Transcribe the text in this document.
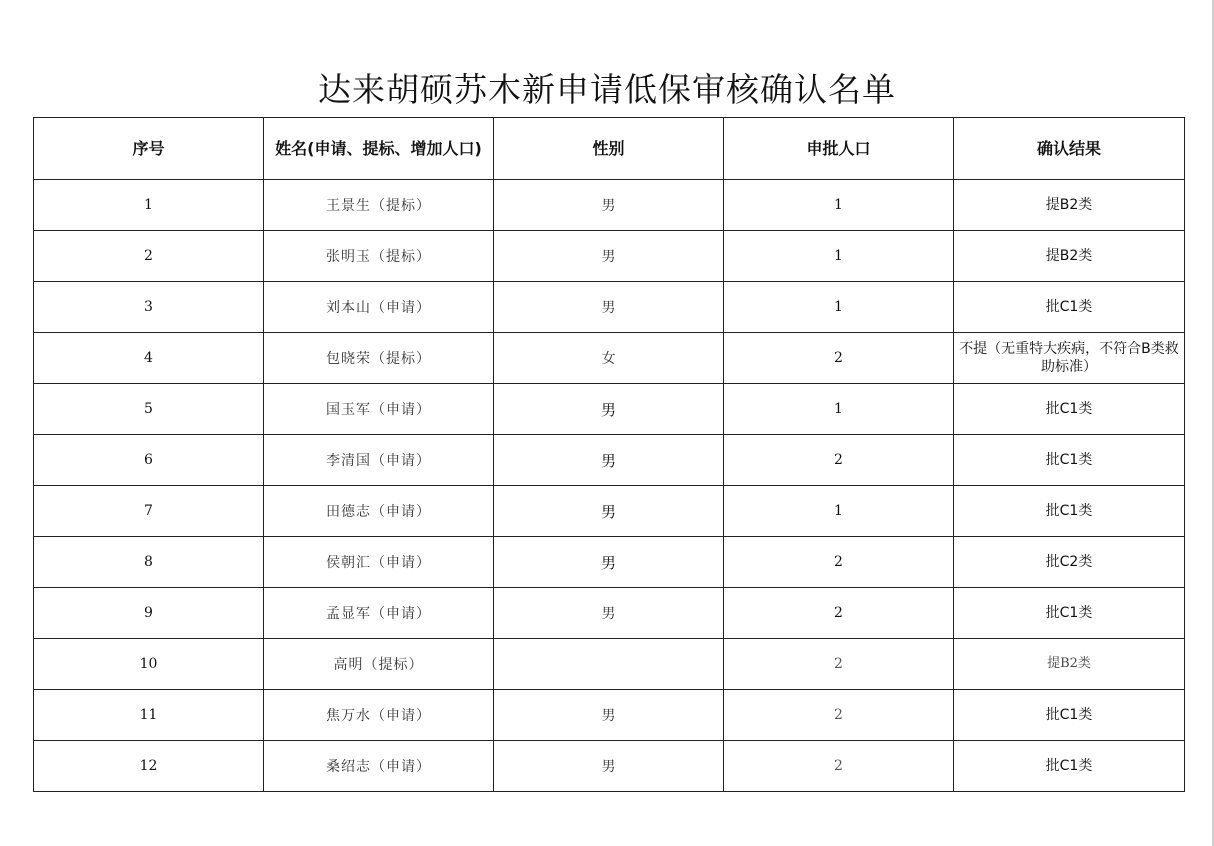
达来胡硕苏木新申请低保审核确认名单
序号	姓名(申请、提标、增加人口)	性别	申批人口	确认结果
1	王景生（提标）	男	1	提B2类
2	张明玉（提标）	男	1	提B2类
3	刘本山（申请）	男	1	批C1类
4	包晓荣（提标）	女	2	不提（无重特大疾病，不符合B类救助标准）
5	国玉军（申请）	男	1	批C1类
6	李清国（申请）	男	2	批C1类
7	田德志（申请）	男	1	批C1类
8	侯朝汇（申请）	男	2	批C2类
9	孟显军（申请）	男	2	批C1类
10	高明（提标）		2	提B2类
11	焦万水（申请）	男	2	批C1类
12	桑绍志（申请）	男	2	批C1类
